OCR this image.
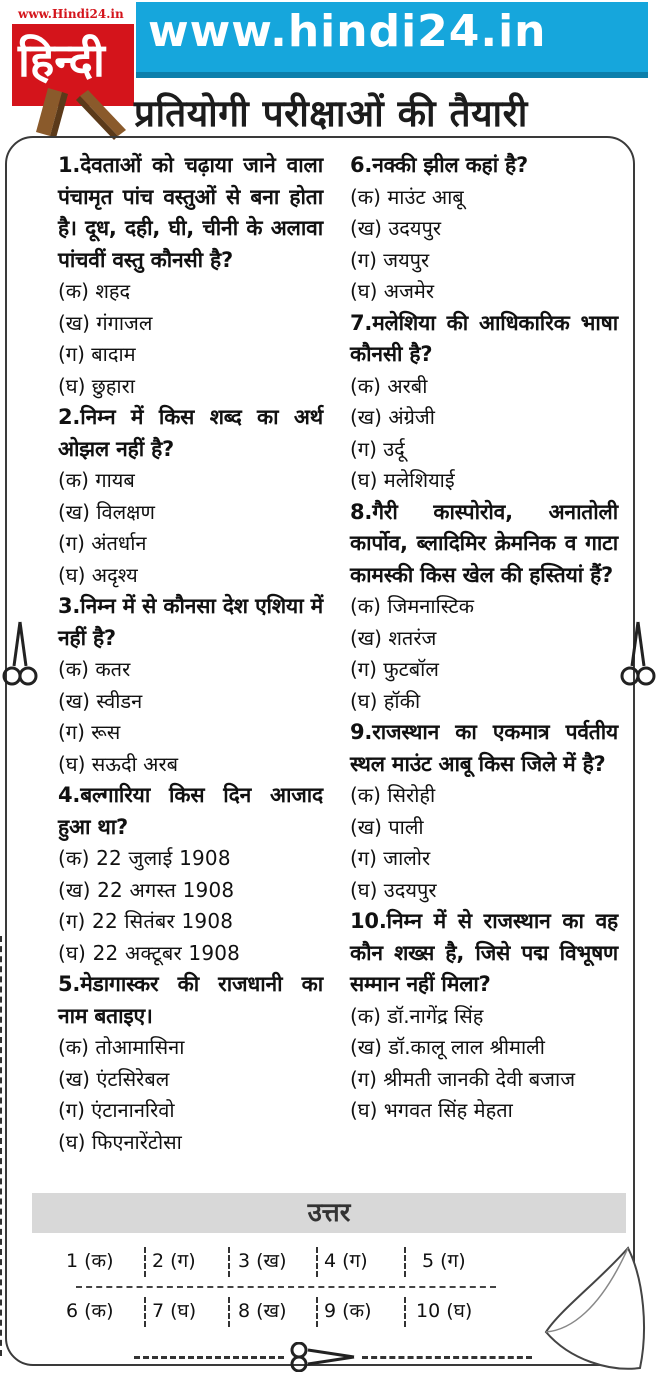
www.hindi24.in
www.Hindi24.in
हिन्दी
प्रतियोगी परीक्षाओं की तैयारी
1.देवताओं को चढ़ाया जाने वाला पंचामृत पांच वस्तुओं से बना होता है। दूध, दही, घी, चीनी के अलावा पांचवीं वस्तु कौनसी है?
(क) शहद
(ख) गंगाजल
(ग) बादाम
(घ) छुहारा
2.निम्न में किस शब्द का अर्थ ओझल नहीं है?
(क) गायब
(ख) विलक्षण
(ग) अंतर्धान
(घ) अदृश्य
3.निम्न में से कौनसा देश एशिया में नहीं है?
(क) कतर
(ख) स्वीडन
(ग) रूस
(घ) सऊदी अरब
4.बल्गारिया किस दिन आजाद हुआ था?
(क) 22 जुलाई 1908
(ख) 22 अगस्त 1908
(ग) 22 सितंबर 1908
(घ) 22 अक्टूबर 1908
5.मेडागास्कर की राजधानी का नाम बताइए।
(क) तोआमासिना
(ख) एंटसिरेबल
(ग) एंटानानरिवो
(घ) फिएनारेंटोसा
6.नक्की झील कहां है?
(क) माउंट आबू
(ख) उदयपुर
(ग) जयपुर
(घ) अजमेर
7.मलेशिया की आधिकारिक भाषा कौनसी है?
(क) अरबी
(ख) अंग्रेजी
(ग) उर्दू
(घ) मलेशियाई
8.गैरी कास्पोरोव, अनातोली कार्पोव, ब्लादिमिर क्रेमनिक व गाटा कामस्की किस खेल की हस्तियां हैं?
(क) जिमनास्टिक
(ख) शतरंज
(ग) फुटबॉल
(घ) हॉकी
9.राजस्थान का एकमात्र पर्वतीय स्थल माउंट आबू किस जिले में है?
(क) सिरोही
(ख) पाली
(ग) जालोर
(घ) उदयपुर
10.निम्न में से राजस्थान का वह कौन शख्स है, जिसे पद्म विभूषण सम्मान नहीं मिला?
(क) डॉ.नागेंद्र सिंह
(ख) डॉ.कालू लाल श्रीमाली
(ग) श्रीमती जानकी देवी बजाज
(घ) भगवत सिंह मेहता
उत्तर
1 (क) 2 (ग) 3 (ख) 4 (ग)	5 (ग)
6 (क) 7 (घ) 8 (ख) 9 (क) 10 (घ)
